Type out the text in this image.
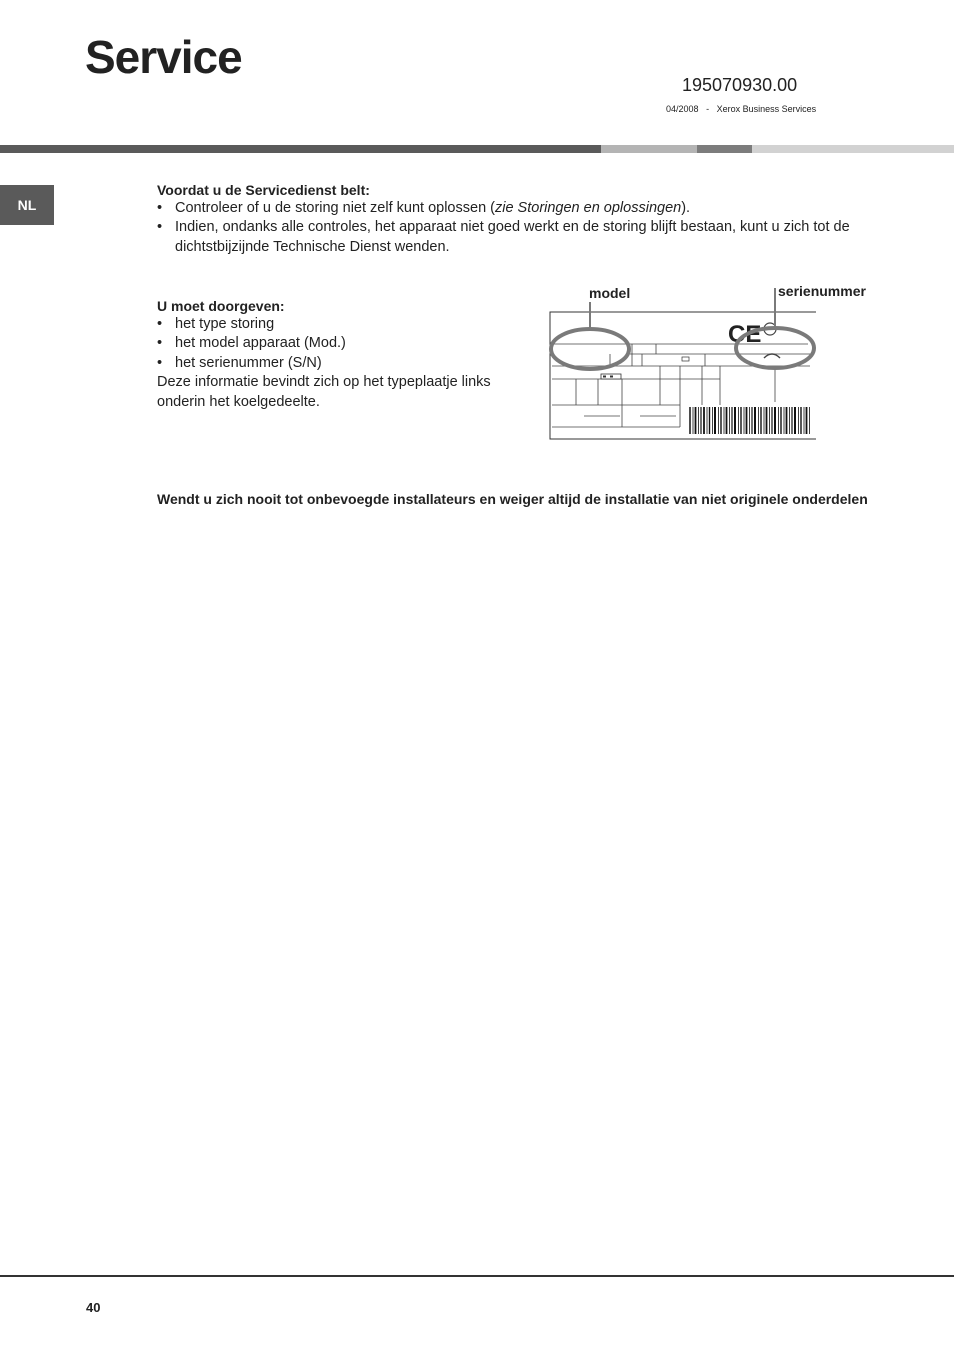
Service
195070930.00
04/2008 - Xerox Business Services
NL
Voordat u de Servicedienst belt:
• Controleer of u de storing niet zelf kunt oplossen (zie Storingen en oplossingen).
• Indien, ondanks alle controles, het apparaat niet goed werkt en de storing blijft bestaan, kunt u zich tot de dichtstbijzijnde Technische Dienst wenden.
U moet doorgeven:
• het type storing
• het model apparaat (Mod.)
• het serienummer (S/N)
Deze informatie bevindt zich op het typeplaatje links onderin het koelgedeelte.
model	serienummer
CE
Wendt u zich nooit tot onbevoegde installateurs en weiger altijd de installatie van niet originele onderdelen
40
